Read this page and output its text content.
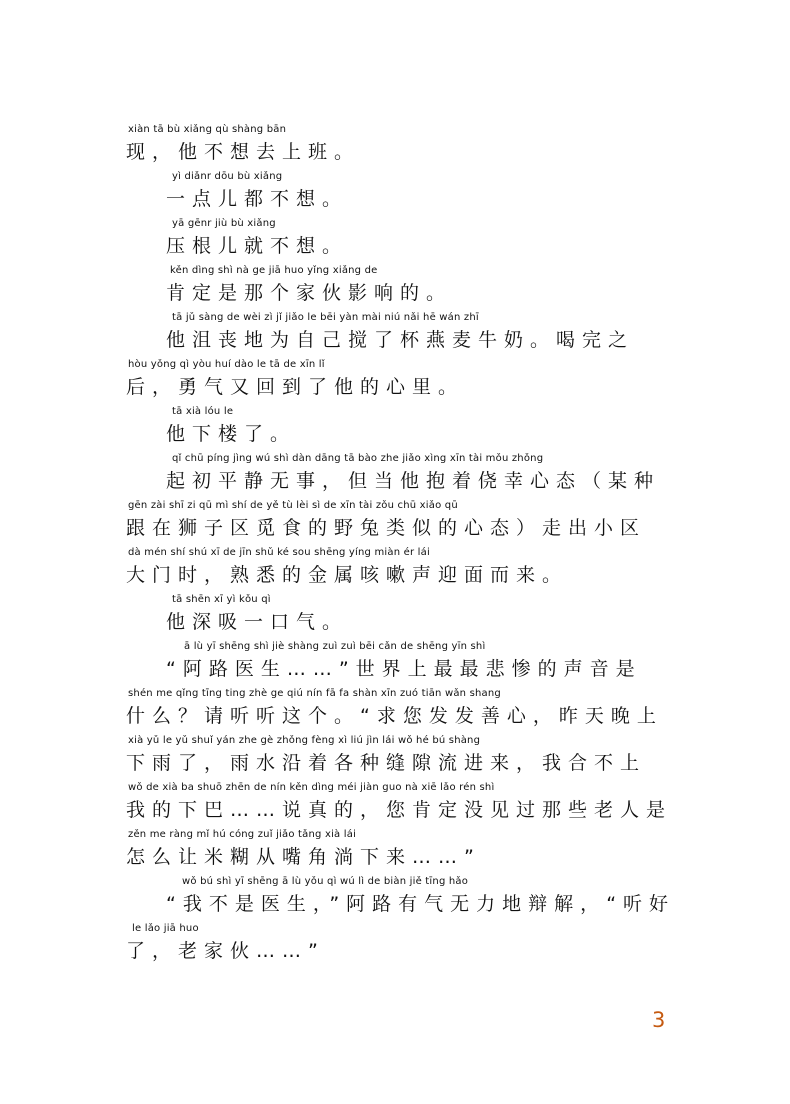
xiàn tā bù xiǎng qù shàng bān
现，他不想去上班。
yì diǎnr dōu bù xiǎng
一点儿都不想。
yā gēnr jiù bù xiǎng
压根儿就不想。
kěn dìng shì nà ge jiā huo yǐng xiǎng de
肯定是那个家伙影响的。
tā jǔ sàng de wèi zì jǐ jiǎo le bēi yàn mài niú nǎi hē wán zhī
他沮丧地为自己搅了杯燕麦牛奶。喝完之
hòu yǒng qì yòu huí dào le tā de xīn lǐ
后，勇气又回到了他的心里。
tā xià lóu le
他下楼了。
qǐ chū píng jìng wú shì dàn dāng tā bào zhe jiǎo xìng xīn tài mǒu zhǒng
起初平静无事，但当他抱着侥幸心态（某种
gēn zài shī zi qū mì shí de yě tù lèi sì de xīn tài zǒu chū xiǎo qū
跟在狮子区觅食的野兔类似的心态）走出小区
dà mén shí shú xī de jīn shǔ ké sou shēng yíng miàn ér lái
大门时，熟悉的金属咳嗽声迎面而来。
tā shēn xī yì kǒu qì
他深吸一口气。
ā lù yī shēng shì jiè shàng zuì zuì bēi cǎn de shēng yīn shì
“阿路医生……”世界上最最悲惨的声音是
shén me qǐng tīng ting zhè ge qiú nín fā fa shàn xīn zuó tiān wǎn shang
什么？请听听这个。“求您发发善心，昨天晚上
xià yǔ le yǔ shuǐ yán zhe gè zhǒng fèng xì liú jìn lái wǒ hé bú shàng
下雨了，雨水沿着各种缝隙流进来，我合不上
wǒ de xià ba shuō zhēn de nín kěn dìng méi jiàn guo nà xiē lǎo rén shì
我的下巴……说真的，您肯定没见过那些老人是
zěn me ràng mǐ hú cóng zuǐ jiǎo tǎng xià lái
怎么让米糊从嘴角淌下来……”
wǒ bú shì yī shēng ā lù yǒu qì wú lì de biàn jiě tīng hǎo
“我不是医生，”阿路有气无力地辩解，“听好
le lǎo jiā huo
了，老家伙……”
3
